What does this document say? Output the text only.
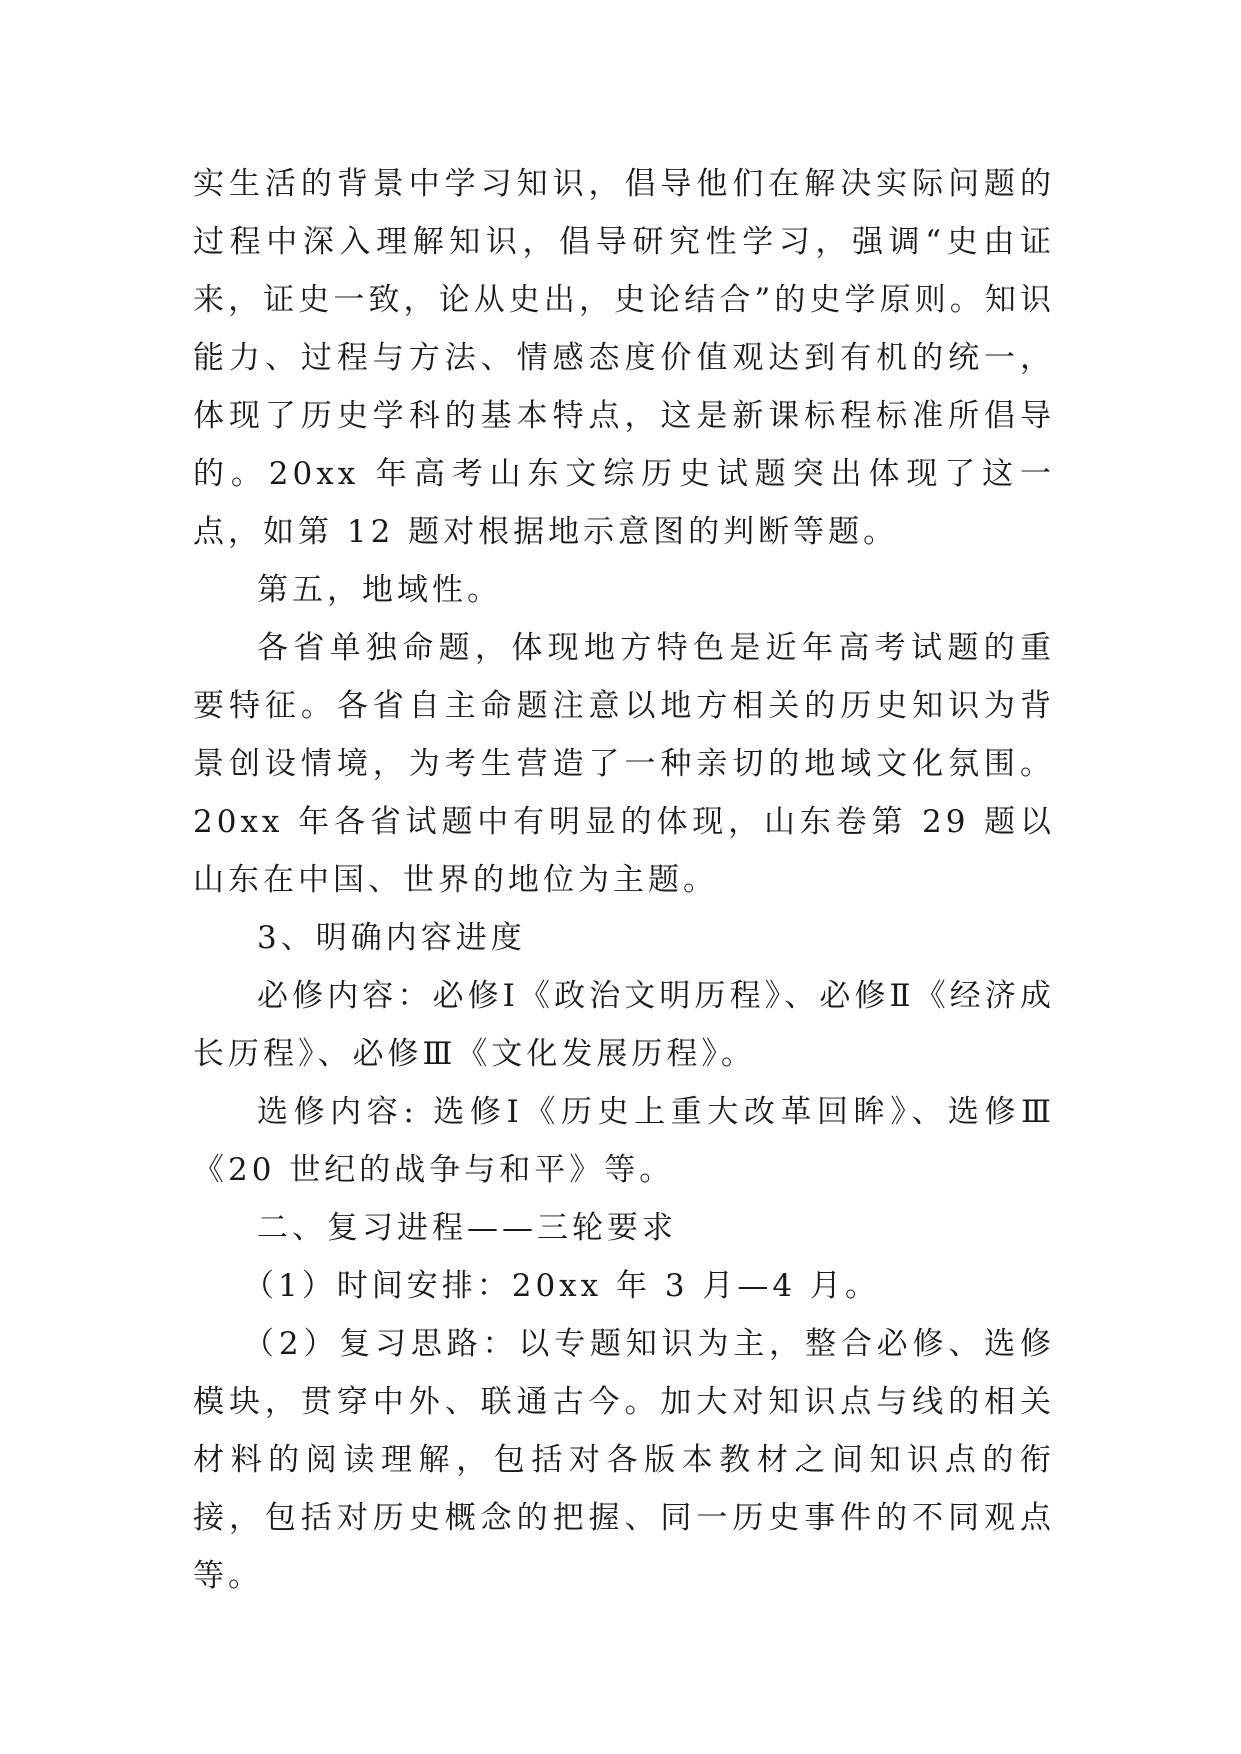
实生活的背景中学习知识，倡导他们在解决实际问题的过程中深入理解知识，倡导研究性学习，强调“史由证来，证史一致，论从史出，史论结合”的史学原则。知识能力、过程与方法、情感态度价值观达到有机的统一，体现了历史学科的基本特点，这是新课标程标准所倡导的。20xx 年高考山东文综历史试题突出体现了这一点，如第 12 题对根据地示意图的判断等题。

第五，地域性。

各省单独命题，体现地方特色是近年高考试题的重要特征。各省自主命题注意以地方相关的历史知识为背景创设情境，为考生营造了一种亲切的地域文化氛围。20xx 年各省试题中有明显的体现，山东卷第 29 题以山东在中国、世界的地位为主题。

3、明确内容进度

必修内容：必修Ⅰ《政治文明历程》、必修Ⅱ《经济成长历程》、必修Ⅲ《文化发展历程》。

选修内容: 选修Ⅰ《历史上重大改革回眸》、选修Ⅲ《20 世纪的战争与和平》等。

二、复习进程——三轮要求

（1）时间安排：20xx 年 3 月—4 月。

（2）复习思路：以专题知识为主，整合必修、选修模块，贯穿中外、联通古今。加大对知识点与线的相关材料的阅读理解，包括对各版本教材之间知识点的衔接，包括对历史概念的把握、同一历史事件的不同观点等。
